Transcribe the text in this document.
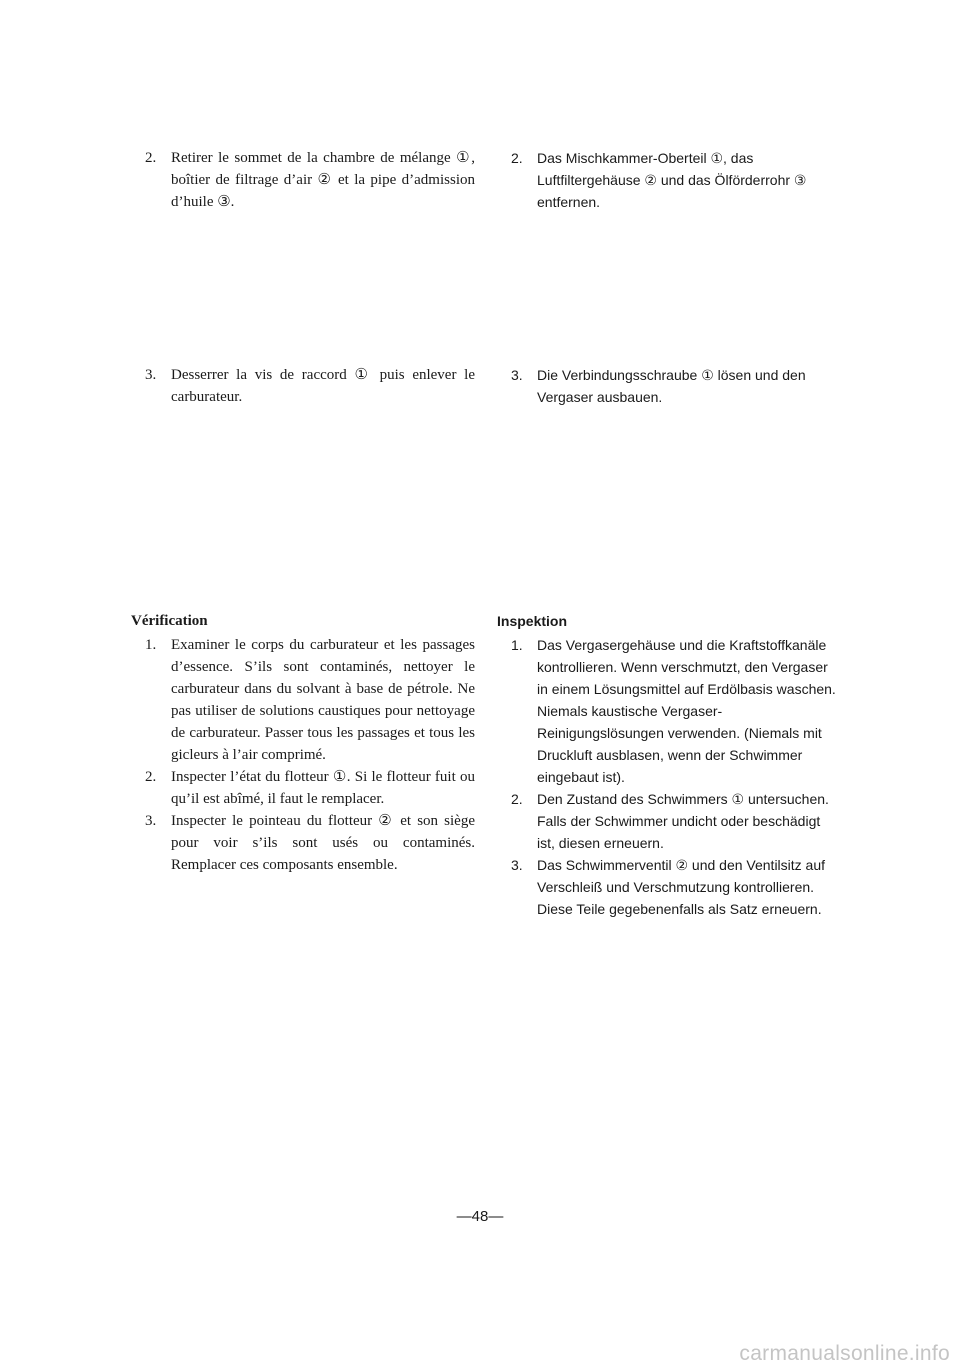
2. Retirer le sommet de la chambre de mélange ①, boîtier de filtrage d’air ② et la pipe d’admission d’huile ③.
2. Das Mischkammer-Oberteil ①, das Luftfiltergehäuse ② und das Ölförderrohr ③ entfernen.
3. Desserrer la vis de raccord ① puis enlever le carburateur.
3. Die Verbindungsschraube ① lösen und den Vergaser ausbauen.
Vérification
1. Examiner le corps du carburateur et les passages d’essence. S’ils sont contaminés, nettoyer le carburateur dans du solvant à base de pétrole. Ne pas utiliser de solutions caustiques pour nettoyage de carburateur. Passer tous les passages et tous les gicleurs à l’air comprimé.
2. Inspecter l’état du flotteur ①. Si le flotteur fuit ou qu’il est abîmé, il faut le remplacer.
3. Inspecter le pointeau du flotteur ② et son siège pour voir s’ils sont usés ou contaminés. Remplacer ces composants ensemble.
Inspektion
1. Das Vergasergehäuse und die Kraftstoffkanäle kontrollieren. Wenn verschmutzt, den Vergaser in einem Lösungsmittel auf Erdölbasis waschen. Niemals kaustische Vergaser-Reinigungslösungen verwenden. (Niemals mit Druckluft ausblasen, wenn der Schwimmer eingebaut ist).
2. Den Zustand des Schwimmers ① untersuchen. Falls der Schwimmer undicht oder beschädigt ist, diesen erneuern.
3. Das Schwimmerventil ② und den Ventilsitz auf Verschleiß und Verschmutzung kontrollieren. Diese Teile gegebenenfalls als Satz erneuern.
—48—
carmanualsonline.info
